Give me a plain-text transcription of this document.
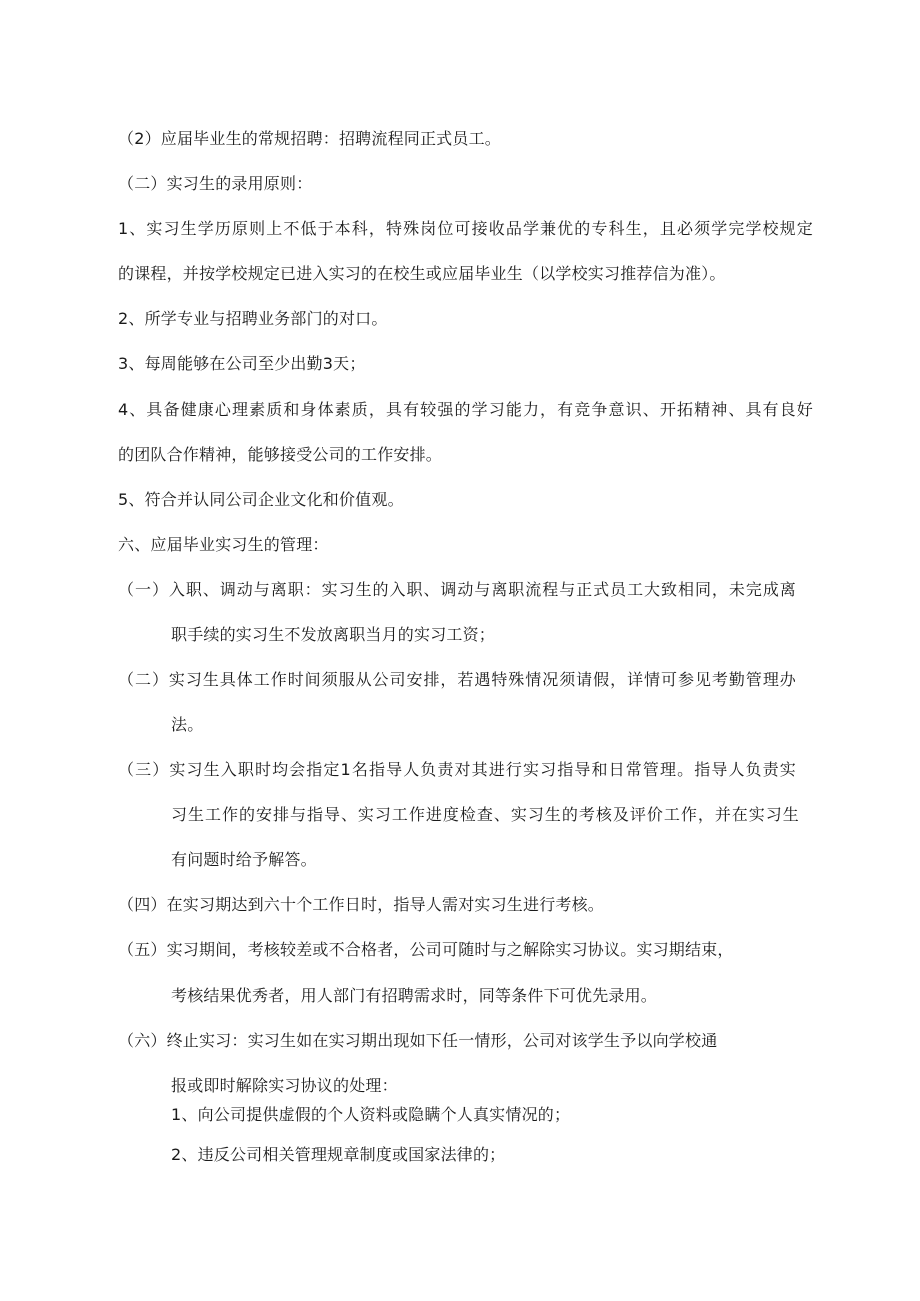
（2）应届毕业生的常规招聘：招聘流程同正式员工。
（二）实习生的录用原则：
1、实习生学历原则上不低于本科，特殊岗位可接收品学兼优的专科生，且必须学完学校规定
的课程，并按学校规定已进入实习的在校生或应届毕业生（以学校实习推荐信为准）。
2、所学专业与招聘业务部门的对口。
3、每周能够在公司至少出勤3天；
4、具备健康心理素质和身体素质，具有较强的学习能力，有竞争意识、开拓精神、具有良好
的团队合作精神，能够接受公司的工作安排。
5、符合并认同公司企业文化和价值观。
六、应届毕业实习生的管理：
（一）入职、调动与离职：实习生的入职、调动与离职流程与正式员工大致相同，未完成离
职手续的实习生不发放离职当月的实习工资；
（二）实习生具体工作时间须服从公司安排，若遇特殊情况须请假，详情可参见考勤管理办
法。
（三）实习生入职时均会指定1名指导人负责对其进行实习指导和日常管理。指导人负责实
习生工作的安排与指导、实习工作进度检查、实习生的考核及评价工作，并在实习生
有问题时给予解答。
（四）在实习期达到六十个工作日时，指导人需对实习生进行考核。
（五）实习期间，考核较差或不合格者，公司可随时与之解除实习协议。实习期结束，
考核结果优秀者，用人部门有招聘需求时，同等条件下可优先录用。
（六）终止实习：实习生如在实习期出现如下任一情形，公司对该学生予以向学校通
报或即时解除实习协议的处理：
1、向公司提供虚假的个人资料或隐瞒个人真实情况的；
2、违反公司相关管理规章制度或国家法律的；
